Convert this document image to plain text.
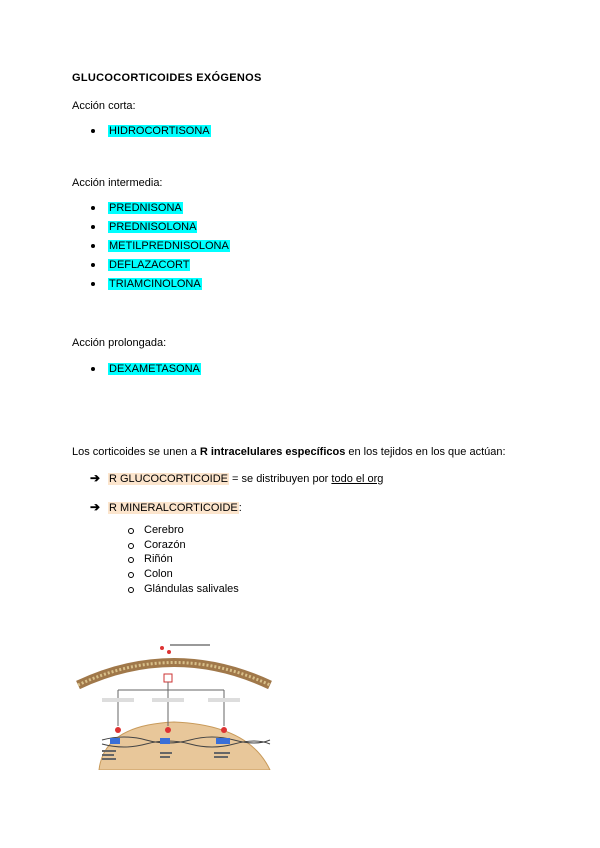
GLUCOCORTICOIDES EXÓGENOS
Acción corta:
HIDROCORTISONA
Acción intermedia:
PREDNISONA
PREDNISOLONA
METILPREDNISOLONA
DEFLAZACORT
TRIAMCINOLONA
Acción prolongada:
DEXAMETASONA
Los corticoides se unen a R intracelulares específicos en los tejidos en los que actúan:
➔ R GLUCOCORTICOIDE = se distribuyen por todo el org
➔ R MINERALCORTICOIDE:
Cerebro
Corazón
Riñón
Colon
Glándulas salivales
